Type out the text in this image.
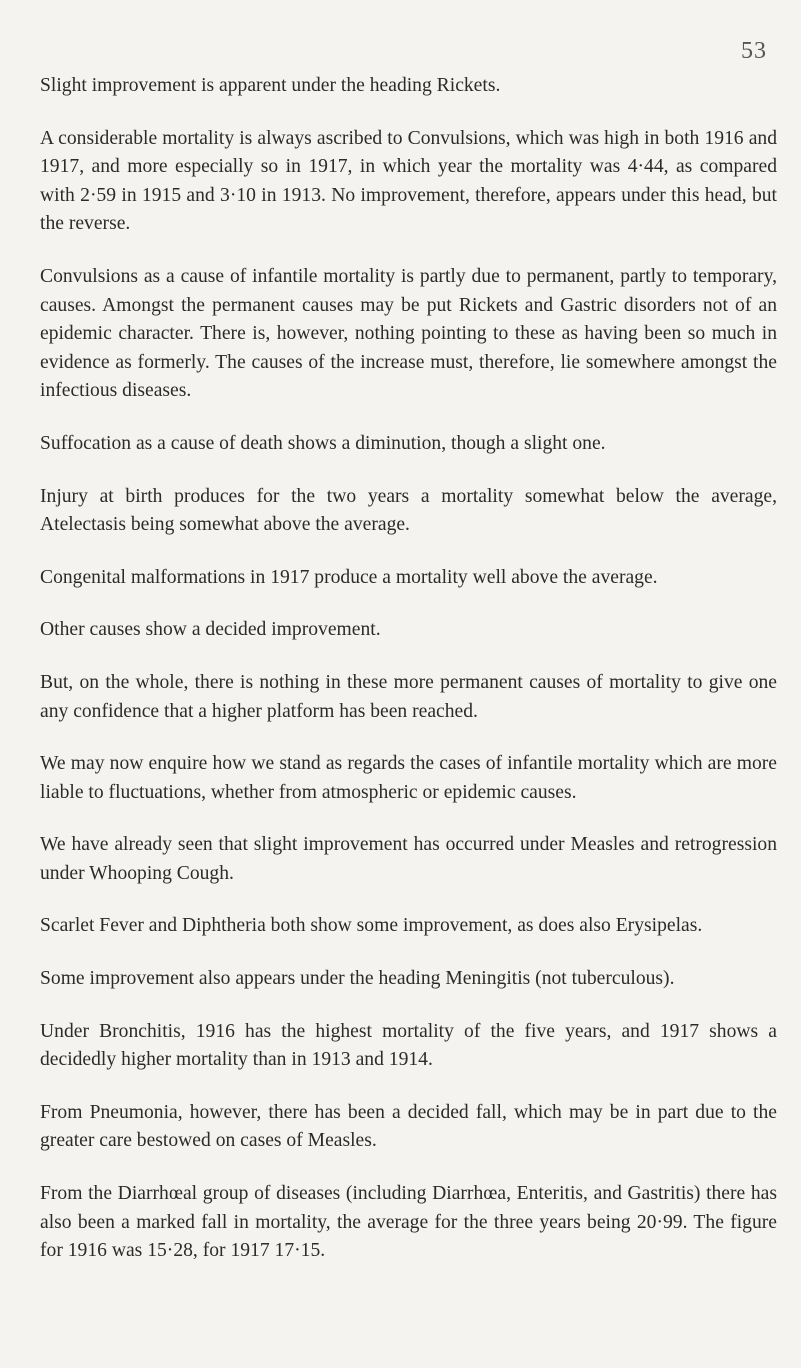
53

Slight improvement is apparent under the heading Rickets.

A considerable mortality is always ascribed to Convulsions, which was high in both 1916 and 1917, and more especially so in 1917, in which year the mortality was 4·44, as compared with 2·59 in 1915 and 3·10 in 1913. No improvement, therefore, appears under this head, but the reverse.

Convulsions as a cause of infantile mortality is partly due to permanent, partly to temporary, causes. Amongst the permanent causes may be put Rickets and Gastric disorders not of an epidemic character. There is, however, nothing pointing to these as having been so much in evidence as formerly. The causes of the increase must, therefore, lie somewhere amongst the infectious diseases.

Suffocation as a cause of death shows a diminution, though a slight one.

Injury at birth produces for the two years a mortality somewhat below the average, Atelectasis being somewhat above the average.

Congenital malformations in 1917 produce a mortality well above the average.

Other causes show a decided improvement.

But, on the whole, there is nothing in these more permanent causes of mortality to give one any confidence that a higher platform has been reached.

We may now enquire how we stand as regards the cases of infantile mortality which are more liable to fluctuations, whether from atmospheric or epidemic causes.

We have already seen that slight improvement has occurred under Measles and retrogression under Whooping Cough.

Scarlet Fever and Diphtheria both show some improvement, as does also Erysipelas.

Some improvement also appears under the heading Meningitis (not tuberculous).

Under Bronchitis, 1916 has the highest mortality of the five years, and 1917 shows a decidedly higher mortality than in 1913 and 1914.

From Pneumonia, however, there has been a decided fall, which may be in part due to the greater care bestowed on cases of Measles.

From the Diarrhœal group of diseases (including Diarrhœa, Enteritis, and Gastritis) there has also been a marked fall in mortality, the average for the three years being 20·99. The figure for 1916 was 15·28, for 1917 17·15.
